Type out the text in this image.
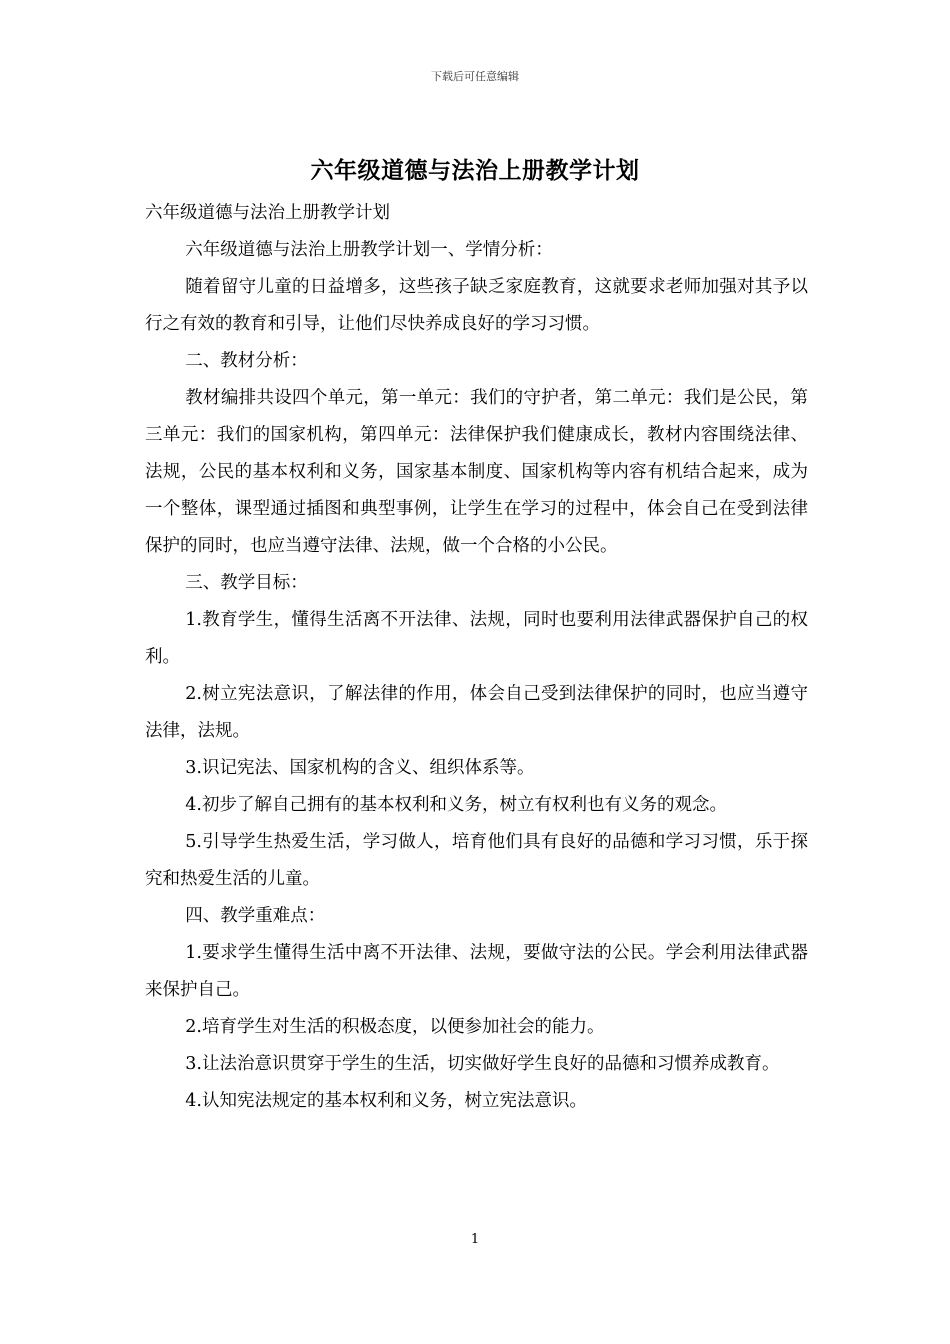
下载后可任意编辑
六年级道德与法治上册教学计划

六年级道德与法治上册教学计划

六年级道德与法治上册教学计划一、学情分析：

随着留守儿童的日益增多，这些孩子缺乏家庭教育，这就要求老师加强对其予以行之有效的教育和引导，让他们尽快养成良好的学习习惯。

二、教材分析：

教材编排共设四个单元，第一单元：我们的守护者，第二单元：我们是公民，第三单元：我们的国家机构，第四单元：法律保护我们健康成长，教材内容围绕法律、法规，公民的基本权利和义务，国家基本制度、国家机构等内容有机结合起来，成为一个整体，课型通过插图和典型事例，让学生在学习的过程中，体会自己在受到法律保护的同时，也应当遵守法律、法规，做一个合格的小公民。

三、教学目标：

1.教育学生，懂得生活离不开法律、法规，同时也要利用法律武器保护自己的权利。

2.树立宪法意识，了解法律的作用，体会自己受到法律保护的同时，也应当遵守法律，法规。

3.识记宪法、国家机构的含义、组织体系等。

4.初步了解自己拥有的基本权利和义务，树立有权利也有义务的观念。

5.引导学生热爱生活，学习做人，培育他们具有良好的品德和学习习惯，乐于探究和热爱生活的儿童。

四、教学重难点：

1.要求学生懂得生活中离不开法律、法规，要做守法的公民。学会利用法律武器来保护自己。

2.培育学生对生活的积极态度，以便参加社会的能力。

3.让法治意识贯穿于学生的生活，切实做好学生良好的品德和习惯养成教育。

4.认知宪法规定的基本权利和义务，树立宪法意识。

1
